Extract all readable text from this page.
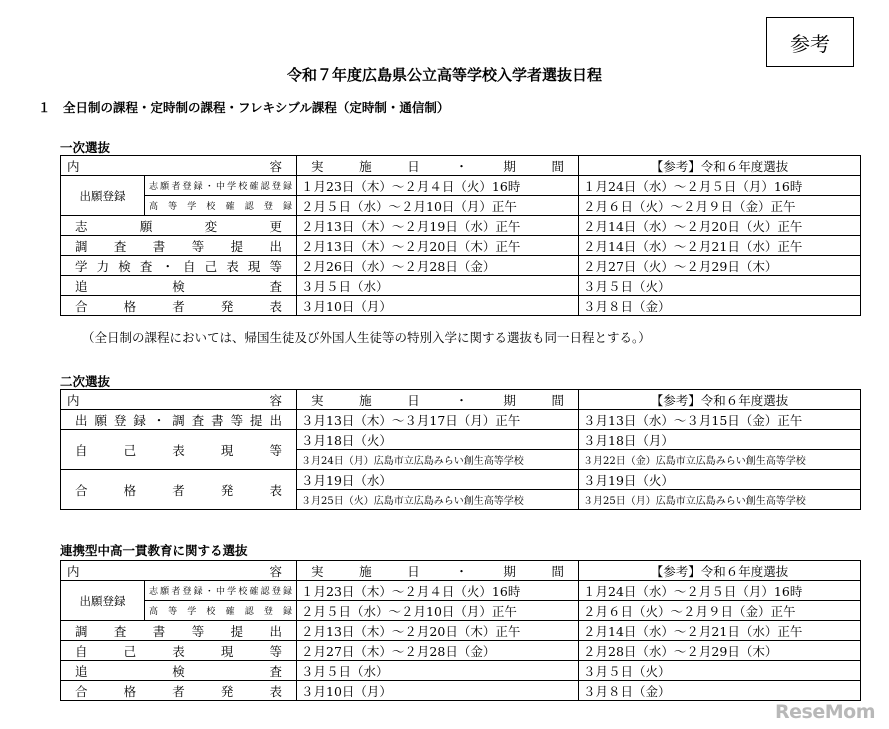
参考
令和７年度広島県公立高等学校入学者選抜日程
１　全日制の課程・定時制の課程・フレキシブル課程（定時制・通信制）
一次選抜
内　容		実　施　日　・　期　間	【参考】令和６年度選抜
出願登録	志願者登録・中学校確認登録	１月23日（木）～２月４日（火）16時	１月24日（水）～２月５日（月）16時
	高等学校確認登録	２月５日（水）～２月10日（月）正午	２月６日（火）～２月９日（金）正午
志願変更		２月13日（木）～２月19日（水）正午	２月14日（水）～２月20日（火）正午
調査書等提出		２月13日（木）～２月20日（木）正午	２月14日（水）～２月21日（水）正午
学力検査・自己表現等		２月26日（水）～２月28日（金）	２月27日（火）～２月29日（木）
追検査		３月５日（水）	３月５日（火）
合格者発表		３月10日（月）	３月８日（金）
（全日制の課程においては、帰国生徒及び外国人生徒等の特別入学に関する選抜も同一日程とする。）
二次選抜
内　容	実　施　日　・　期　間	【参考】令和６年度選抜
出願登録・調査書等提出	３月13日（木）～３月17日（月）正午	３月13日（水）～３月15日（金）正午
自己表現等	３月18日（火）	３月18日（月）
	３月24日（月）広島市立広島みらい創生高等学校	３月22日（金）広島市立広島みらい創生高等学校
合格者発表	３月19日（水）	３月19日（火）
	３月25日（火）広島市立広島みらい創生高等学校	３月25日（月）広島市立広島みらい創生高等学校
連携型中高一貫教育に関する選抜
内　容		実　施　日　・　期　間	【参考】令和６年度選抜
出願登録	志願者登録・中学校確認登録	１月23日（木）～２月４日（火）16時	１月24日（水）～２月５日（月）16時
	高等学校確認登録	２月５日（水）～２月10日（月）正午	２月６日（火）～２月９日（金）正午
調査書等提出		２月13日（木）～２月20日（木）正午	２月14日（水）～２月21日（水）正午
自己表現等		２月27日（木）～２月28日（金）	２月28日（水）～２月29日（木）
追検査		３月５日（水）	３月５日（火）
合格者発表		３月10日（月）	３月８日（金）
ReseMom
